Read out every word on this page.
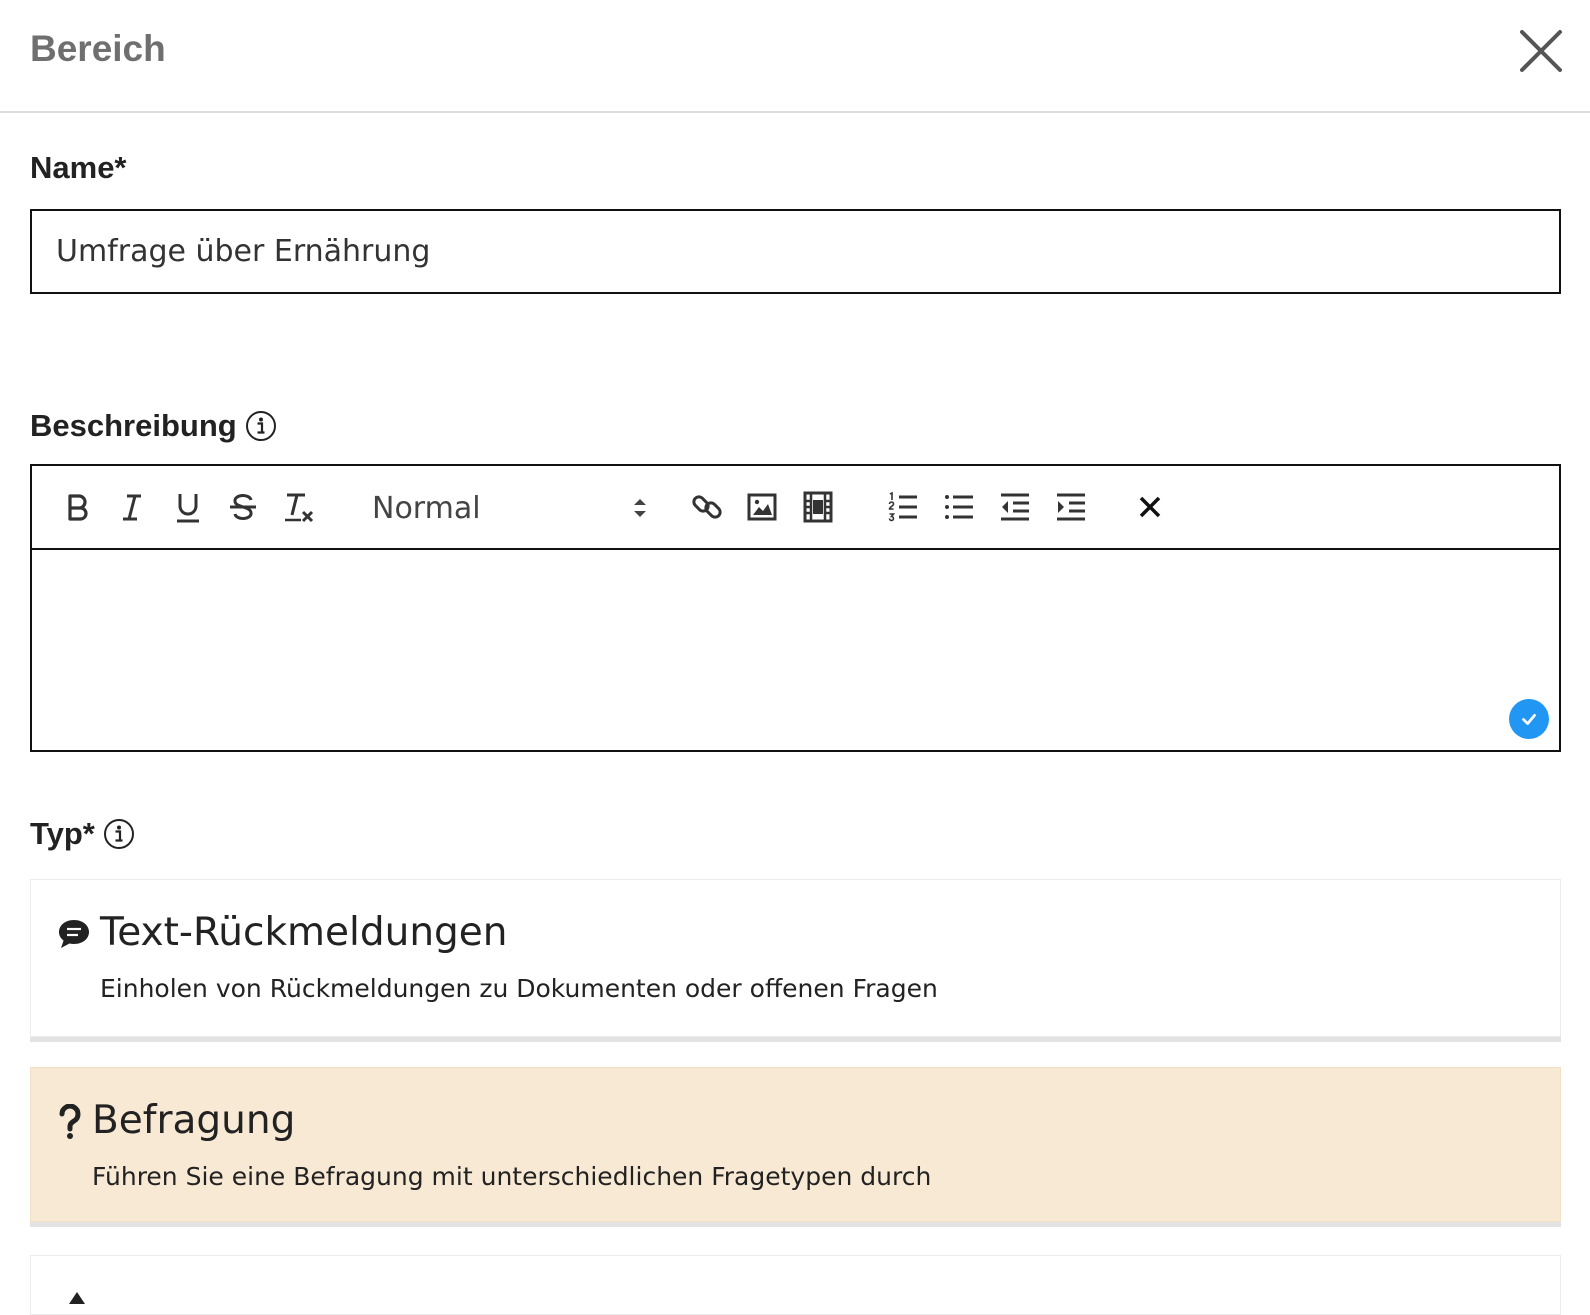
Bereich
Name*
Umfrage über Ernährung
Beschreibung
Normal
Typ*
Text-Rückmeldungen
Einholen von Rückmeldungen zu Dokumenten oder offenen Fragen
Befragung
Führen Sie eine Befragung mit unterschiedlichen Fragetypen durch
